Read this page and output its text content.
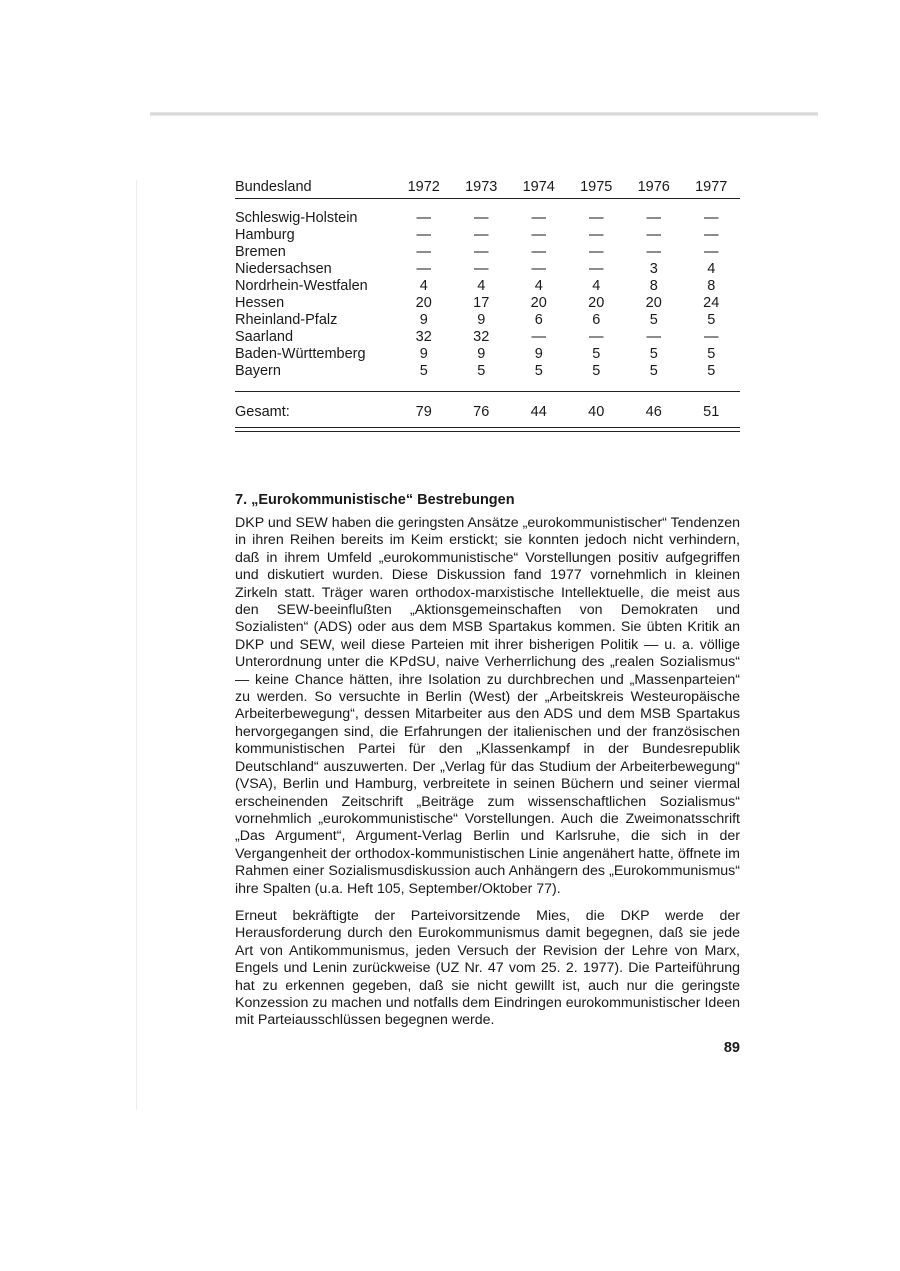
Bundesland	1972	1973	1974	1975	1976	1977

Schleswig-Holstein	—	—	—	—	—	—
Hamburg	—	—	—	—	—	—
Bremen	—	—	—	—	—	—
Niedersachsen	—	—	—	—	3	4
Nordrhein-Westfalen	4	4	4	4	8	8
Hessen	20	17	20	20	20	24
Rheinland-Pfalz	9	9	6	6	5	5
Saarland	32	32	—	—	—	—
Baden-Württemberg	9	9	9	5	5	5
Bayern	5	5	5	5	5	5

Gesamt:	79	76	44	40	46	51

7. „Eurokommunistische“ Bestrebungen

DKP und SEW haben die geringsten Ansätze „eurokommunistischer“ Tendenzen in ihren Reihen bereits im Keim erstickt; sie konnten jedoch nicht verhindern, daß in ihrem Umfeld „eurokommunistische“ Vorstellungen positiv aufgegriffen und diskutiert wurden. Diese Diskussion fand 1977 vornehmlich in kleinen Zirkeln statt. Träger waren orthodox-marxistische Intellektuelle, die meist aus den SEW-beeinflußten „Aktionsgemeinschaften von Demokraten und Sozialisten“ (ADS) oder aus dem MSB Spartakus kommen. Sie übten Kritik an DKP und SEW, weil diese Parteien mit ihrer bisherigen Politik — u. a. völlige Unterordnung unter die KPdSU, naive Verherrlichung des „realen Sozialismus“ — keine Chance hätten, ihre Isolation zu durchbrechen und „Massenparteien“ zu werden. So versuchte in Berlin (West) der „Arbeitskreis Westeuropäische Arbeiterbewegung“, dessen Mitarbeiter aus den ADS und dem MSB Spartakus hervorgegangen sind, die Erfahrungen der italienischen und der französischen kommunistischen Partei für den „Klassenkampf in der Bundesrepublik Deutschland“ auszuwerten. Der „Verlag für das Studium der Arbeiterbewegung“ (VSA), Berlin und Hamburg, verbreitete in seinen Büchern und seiner viermal erscheinenden Zeitschrift „Beiträge zum wissenschaftlichen Sozialismus“ vornehmlich „eurokommunistische“ Vorstellungen. Auch die Zweimonatsschrift „Das Argument“, Argument-Verlag Berlin und Karlsruhe, die sich in der Vergangenheit der orthodox-kommunistischen Linie angenähert hatte, öffnete im Rahmen einer Sozialismusdiskussion auch Anhängern des „Eurokommunismus“ ihre Spalten (u.a. Heft 105, September/Oktober 77).

Erneut bekräftigte der Parteivorsitzende Mies, die DKP werde der Herausforderung durch den Eurokommunismus damit begegnen, daß sie jede Art von Antikommunismus, jeden Versuch der Revision der Lehre von Marx, Engels und Lenin zurückweise (UZ Nr. 47 vom 25. 2. 1977). Die Parteiführung hat zu erkennen gegeben, daß sie nicht gewillt ist, auch nur die geringste Konzession zu machen und notfalls dem Eindringen eurokommunistischer Ideen mit Parteiausschlüssen begegnen werde.

89
